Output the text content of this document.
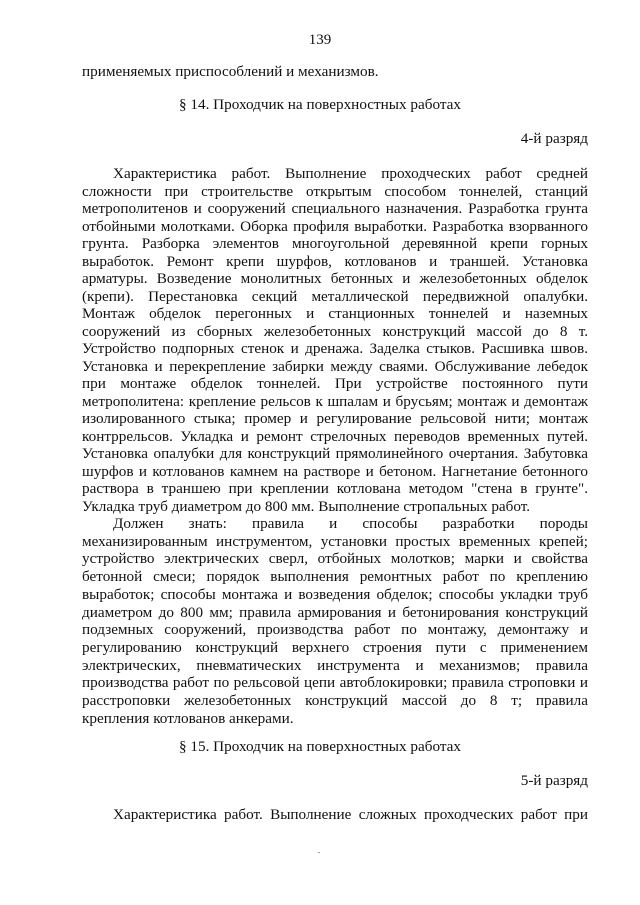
139
применяемых приспособлений и механизмов.
§ 14. Проходчик на поверхностных работах
4-й разряд
Характеристика работ. Выполнение проходческих работ средней
сложности при строительстве открытым способом тоннелей, станций
метрополитенов и сооружений специального назначения. Разработка грунта
отбойными молотками. Оборка профиля выработки. Разработка взорванного
грунта. Разборка элементов многоугольной деревянной крепи горных
выработок. Ремонт крепи шурфов, котлованов и траншей. Установка
арматуры. Возведение монолитных бетонных и железобетонных обделок
(крепи). Перестановка секций металлической передвижной опалубки.
Монтаж обделок перегонных и станционных тоннелей и наземных
сооружений из сборных железобетонных конструкций массой до 8 т.
Устройство подпорных стенок и дренажа. Заделка стыков. Расшивка швов.
Установка и перекрепление забирки между сваями. Обслуживание лебедок
при монтаже обделок тоннелей. При устройстве постоянного пути
метрополитена: крепление рельсов к шпалам и брусьям; монтаж и демонтаж
изолированного стыка; промер и регулирование рельсовой нити; монтаж
контррельсов. Укладка и ремонт стрелочных переводов временных путей.
Установка опалубки для конструкций прямолинейного очертания. Забутовка
шурфов и котлованов камнем на растворе и бетоном. Нагнетание бетонного
раствора в траншею при креплении котлована методом "стена в грунте".
Укладка труб диаметром до 800 мм. Выполнение стропальных работ.
Должен знать: правила и способы разработки породы
механизированным инструментом, установки простых временных крепей;
устройство электрических сверл, отбойных молотков; марки и свойства
бетонной смеси; порядок выполнения ремонтных работ по креплению
выработок; способы монтажа и возведения обделок; способы укладки труб
диаметром до 800 мм; правила армирования и бетонирования конструкций
подземных сооружений, производства работ по монтажу, демонтажу и
регулированию конструкций верхнего строения пути с применением
электрических, пневматических инструмента и механизмов; правила
производства работ по рельсовой цепи автоблокировки; правила строповки и
расстроповки железобетонных конструкций массой до 8 т; правила
крепления котлованов анкерами.
§ 15. Проходчик на поверхностных работах
5-й разряд
Характеристика работ. Выполнение сложных проходческих работ при
